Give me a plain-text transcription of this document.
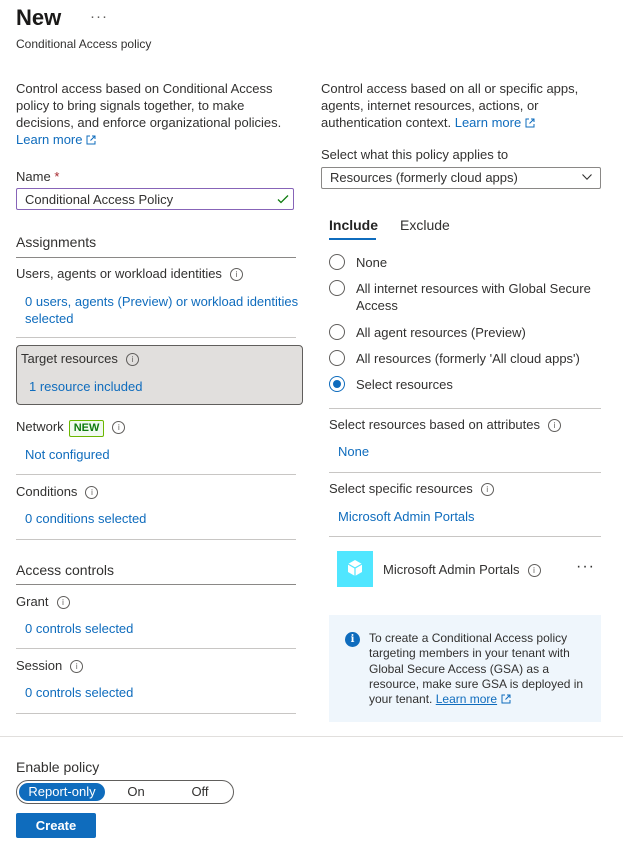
New ···
Conditional Access policy
Control access based on Conditional Access policy to bring signals together, to make decisions, and enforce organizational policies. Learn more
Name *
Conditional Access Policy
Assignments
Users, agents or workload identities i
0 users, agents (Preview) or workload identities selected
Target resources i
1 resource included
Network NEW i
Not configured
Conditions i
0 conditions selected
Access controls
Grant i
0 controls selected
Session i
0 controls selected
Control access based on all or specific apps, agents, internet resources, actions, or authentication context. Learn more
Select what this policy applies to
Resources (formerly cloud apps)
Include Exclude
None
All internet resources with Global Secure Access
All agent resources (Preview)
All resources (formerly 'All cloud apps')
Select resources
Select resources based on attributes i
None
Select specific resources i
Microsoft Admin Portals
Microsoft Admin Portals i	···
i	To create a Conditional Access policy targeting members in your tenant with Global Secure Access (GSA) as a resource, make sure GSA is deployed in your tenant. Learn more
Enable policy
Report-only	On	Off
Create
